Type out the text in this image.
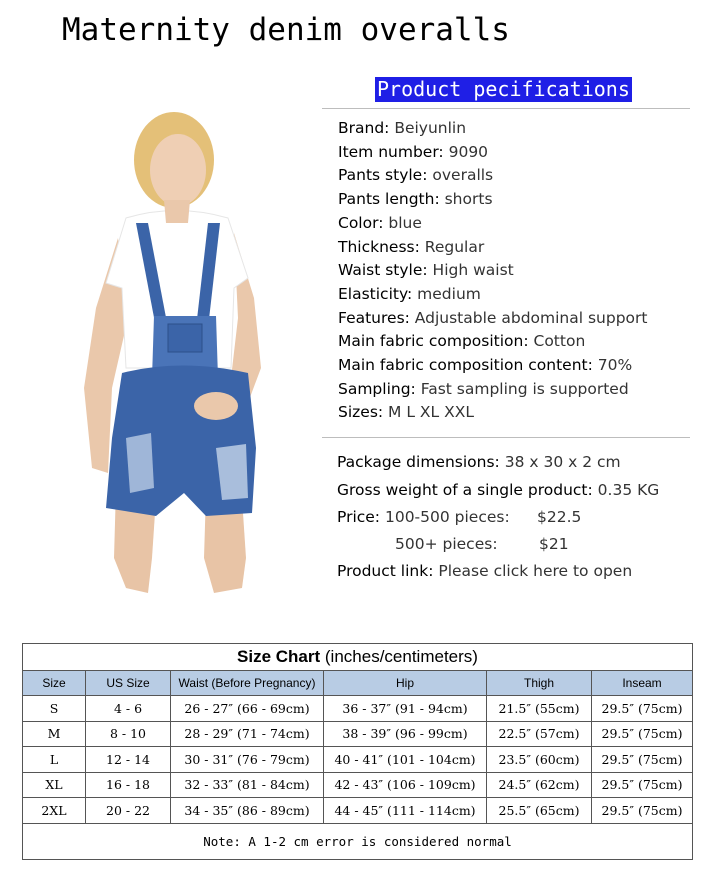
Maternity denim overalls
Product pecifications
Brand: Beiyunlin
Item number: 9090
Pants style: overalls
Pants length: shorts
Color: blue
Thickness: Regular
Waist style: High waist
Elasticity: medium
Features: Adjustable abdominal support
Main fabric composition: Cotton
Main fabric composition content: 70%
Sampling: Fast sampling is supported
Sizes: M L XL XXL
Package dimensions: 38 x 30 x 2 cm
Gross weight of a single product: 0.35 KG
Price: 100-500 pieces: $22.5
500+ pieces:	$21
Product link: Please click here to open
Size Chart (inches/centimeters)					
Size	US Size	Waist (Before Pregnancy)	Hip	Thigh	Inseam
S	4 - 6	26 - 27″ (66 - 69cm)	36 - 37″ (91 - 94cm)	21.5″ (55cm)	29.5″ (75cm)
M	8 - 10	28 - 29″ (71 - 74cm)	38 - 39″ (96 - 99cm)	22.5″ (57cm)	29.5″ (75cm)
L	12 - 14	30 - 31″ (76 - 79cm)	40 - 41″ (101 - 104cm)	23.5″ (60cm)	29.5″ (75cm)
XL	16 - 18	32 - 33″ (81 - 84cm)	42 - 43″ (106 - 109cm)	24.5″ (62cm)	29.5″ (75cm)
2XL	20 - 22	34 - 35″ (86 - 89cm)	44 - 45″ (111 - 114cm)	25.5″ (65cm)	29.5″ (75cm)
Note: A 1-2 cm error is considered normal					
